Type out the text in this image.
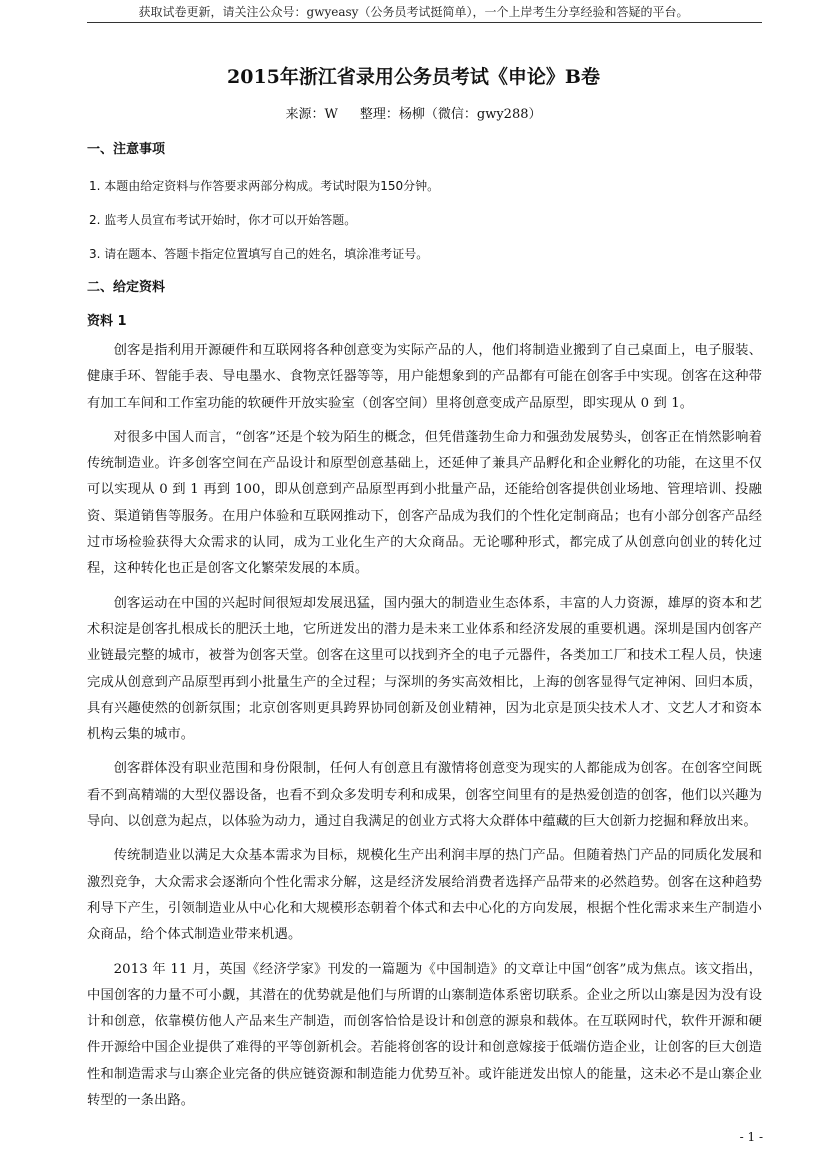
获取试卷更新，请关注公众号：gwyeasy（公务员考试挺简单），一个上岸考生分享经验和答疑的平台。
2015年浙江省录用公务员考试《申论》B卷
来源：W 整理：杨柳（微信：gwy288）

一、注意事项

1. 本题由给定资料与作答要求两部分构成。考试时限为150分钟。

2. 监考人员宣布考试开始时，你才可以开始答题。

3. 请在题本、答题卡指定位置填写自己的姓名，填涂准考证号。

二、给定资料

资料 1

创客是指利用开源硬件和互联网将各种创意变为实际产品的人，他们将制造业搬到了自己桌面上，电子服装、健康手环、智能手表、导电墨水、食物烹饪器等等，用户能想象到的产品都有可能在创客手中实现。创客在这种带有加工车间和工作室功能的软硬件开放实验室（创客空间）里将创意变成产品原型，即实现从 0 到 1。

对很多中国人而言，“创客”还是个较为陌生的概念，但凭借蓬勃生命力和强劲发展势头，创客正在悄然影响着传统制造业。许多创客空间在产品设计和原型创意基础上，还延伸了兼具产品孵化和企业孵化的功能，在这里不仅可以实现从 0 到 1 再到 100，即从创意到产品原型再到小批量产品，还能给创客提供创业场地、管理培训、投融资、渠道销售等服务。在用户体验和互联网推动下，创客产品成为我们的个性化定制商品；也有小部分创客产品经过市场检验获得大众需求的认同，成为工业化生产的大众商品。无论哪种形式，都完成了从创意向创业的转化过程，这种转化也正是创客文化繁荣发展的本质。

创客运动在中国的兴起时间很短却发展迅猛，国内强大的制造业生态体系，丰富的人力资源，雄厚的资本和艺术积淀是创客扎根成长的肥沃土地，它所迸发出的潜力是未来工业体系和经济发展的重要机遇。深圳是国内创客产业链最完整的城市，被誉为创客天堂。创客在这里可以找到齐全的电子元器件，各类加工厂和技术工程人员，快速完成从创意到产品原型再到小批量生产的全过程；与深圳的务实高效相比，上海的创客显得气定神闲、回归本质，具有兴趣使然的创新氛围；北京创客则更具跨界协同创新及创业精神，因为北京是顶尖技术人才、文艺人才和资本机构云集的城市。

创客群体没有职业范围和身份限制，任何人有创意且有激情将创意变为现实的人都能成为创客。在创客空间既看不到高精端的大型仪器设备，也看不到众多发明专利和成果，创客空间里有的是热爱创造的创客，他们以兴趣为导向、以创意为起点，以体验为动力，通过自我满足的创业方式将大众群体中蕴藏的巨大创新力挖掘和释放出来。

传统制造业以满足大众基本需求为目标，规模化生产出利润丰厚的热门产品。但随着热门产品的同质化发展和激烈竞争，大众需求会逐渐向个性化需求分解，这是经济发展给消费者选择产品带来的必然趋势。创客在这种趋势利导下产生，引领制造业从中心化和大规模形态朝着个体式和去中心化的方向发展，根据个性化需求来生产制造小众商品，给个体式制造业带来机遇。

2013 年 11 月，英国《经济学家》刊发的一篇题为《中国制造》的文章让中国“创客”成为焦点。该文指出，中国创客的力量不可小觑，其潜在的优势就是他们与所谓的山寨制造体系密切联系。企业之所以山寨是因为没有设计和创意，依靠模仿他人产品来生产制造，而创客恰恰是设计和创意的源泉和载体。在互联网时代，软件开源和硬件开源给中国企业提供了难得的平等创新机会。若能将创客的设计和创意嫁接于低端仿造企业，让创客的巨大创造性和制造需求与山寨企业完备的供应链资源和制造能力优势互补。或许能迸发出惊人的能量，这未必不是山寨企业转型的一条出路。

- 1 -
